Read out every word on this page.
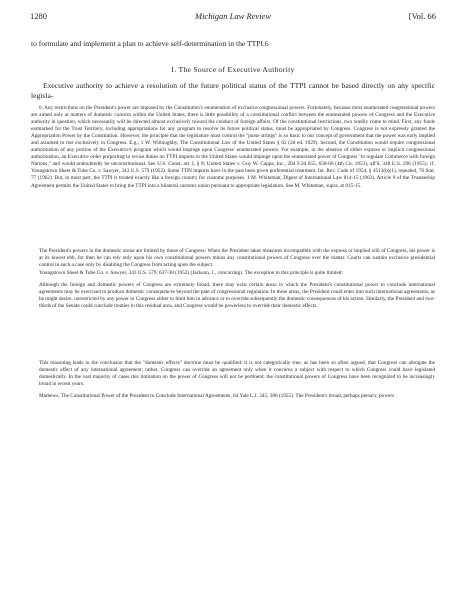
1280	Michigan Law Review	[Vol. 66

to formulate and implement a plan to achieve self-determination in the TTPI.6

I. The Source of Executive Authority

Executive authority to achieve a resolution of the future political status of the TTPI cannot be based directly on any specific legisla-

6. Any restrictions on the President's power are imposed by the Constitution's enumeration of exclusive congressional powers. Fortunately, because most enumerated congressional powers are aimed only at matters of domestic concern within the United States, there is little possibility of a constitutional conflict between the enumerated powers of Congress and the Executive authority in question, which necessarily will be directed almost exclusively toward the conduct of foreign affairs. Of the constitutional restrictions, two readily come to mind. First, any funds earmarked for the Trust Territory, including appropriations for any program to resolve its future political status, must be appropriated by Congress. Congress is not expressly granted the Appropriation Power by the Constitution. However, the principle that the legislature must control the "purse strings" is so basic to our concept of government that the power was early implied and assumed to rest exclusively in Congress. E.g., 1 W. Willoughby, The Constitutional Law of the United States § 62 (2d ed. 1929). Second, the Constitution would require congressional authorization of any portion of the Executive's program which would impinge upon Congress' enumerated powers. For example, in the absence of either express or implicit congressional authorization, an Executive order purporting to revise duties on TTPI imports to the United States would impinge upon the enumerated power of Congress "to regulate Commerce with foreign Nations," and would undoubtedly be unconstitutional. See U.S. Const. art. I, § 8; United States v. Guy W. Capps, Inc., 204 F.2d 655, 658-60 (4th Cir. 1953), aff'd, 348 U.S. 296 (1955); cf. Youngstown Sheet & Tube Co. v. Sawyer, 343 U.S. 579 (1952). Some TTPI imports have in the past been given preferential treatment. Int. Rev. Code of 1954, § 4513(b)(1), repealed, 76 Stat. 77 (1962). But, in most part, the TTPI is treated exactly like a foreign country for customs purposes. 1 M. Whiteman, Digest of International Law 814-15 (1963). Article 9 of the Trusteeship Agreement permits the United States to bring the TTPI into a bilateral customs union pursuant to appropriate legislation. See M. Whiteman, supra, at 815-15.

The President's powers in the domestic arena are limited by those of Congress: When the President takes measures incompatible with the express or implied will of Congress, his power is at its lowest ebb, for then he can rely only upon his own constitutional powers minus any constitutional powers of Congress over the matter. Courts can sustain exclusive presidential control in such a case only by disabling the Congress from acting upon the subject.

Youngstown Sheet & Tube Co. v. Sawyer, 343 U.S. 579, 637-38 (1952) (Jackson, J., concurring). The exception to this principle is quite limited:

Although the foreign and domestic powers of Congress are extremely broad, there may exist certain areas in which the President's constitutional power to conclude international agreements may be exercised to produce domestic consequences beyond the pale of congressional regulation. In these areas, the President could enter into such international agreements, as he might desire, unrestricted by any power in Congress either to limit him in advance or to override subsequently the domestic consequences of his action. Similarly, the President and two-thirds of the Senate could conclude treaties in this residual area, and Congress would be powerless to override their domestic effects.

This reasoning leads to the conclusion that the "domestic effects" doctrine must be qualified: it is not categorically true, as has been so often argued, that Congress can abrogate the domestic effect of any international agreement; rather, Congress can override an agreement only when it concerns a subject with respect to which Congress could have legislated domestically. In the vast majority of cases this limitation on the power of Congress will not be pertinent; the constitutional powers of Congress have been recognized to be increasingly broad in recent years.

Mathews, The Constitutional Power of the President to Conclude International Agreements, 64 Yale L.J. 345, 380 (1955). The President's broad, perhaps plenary, powers
